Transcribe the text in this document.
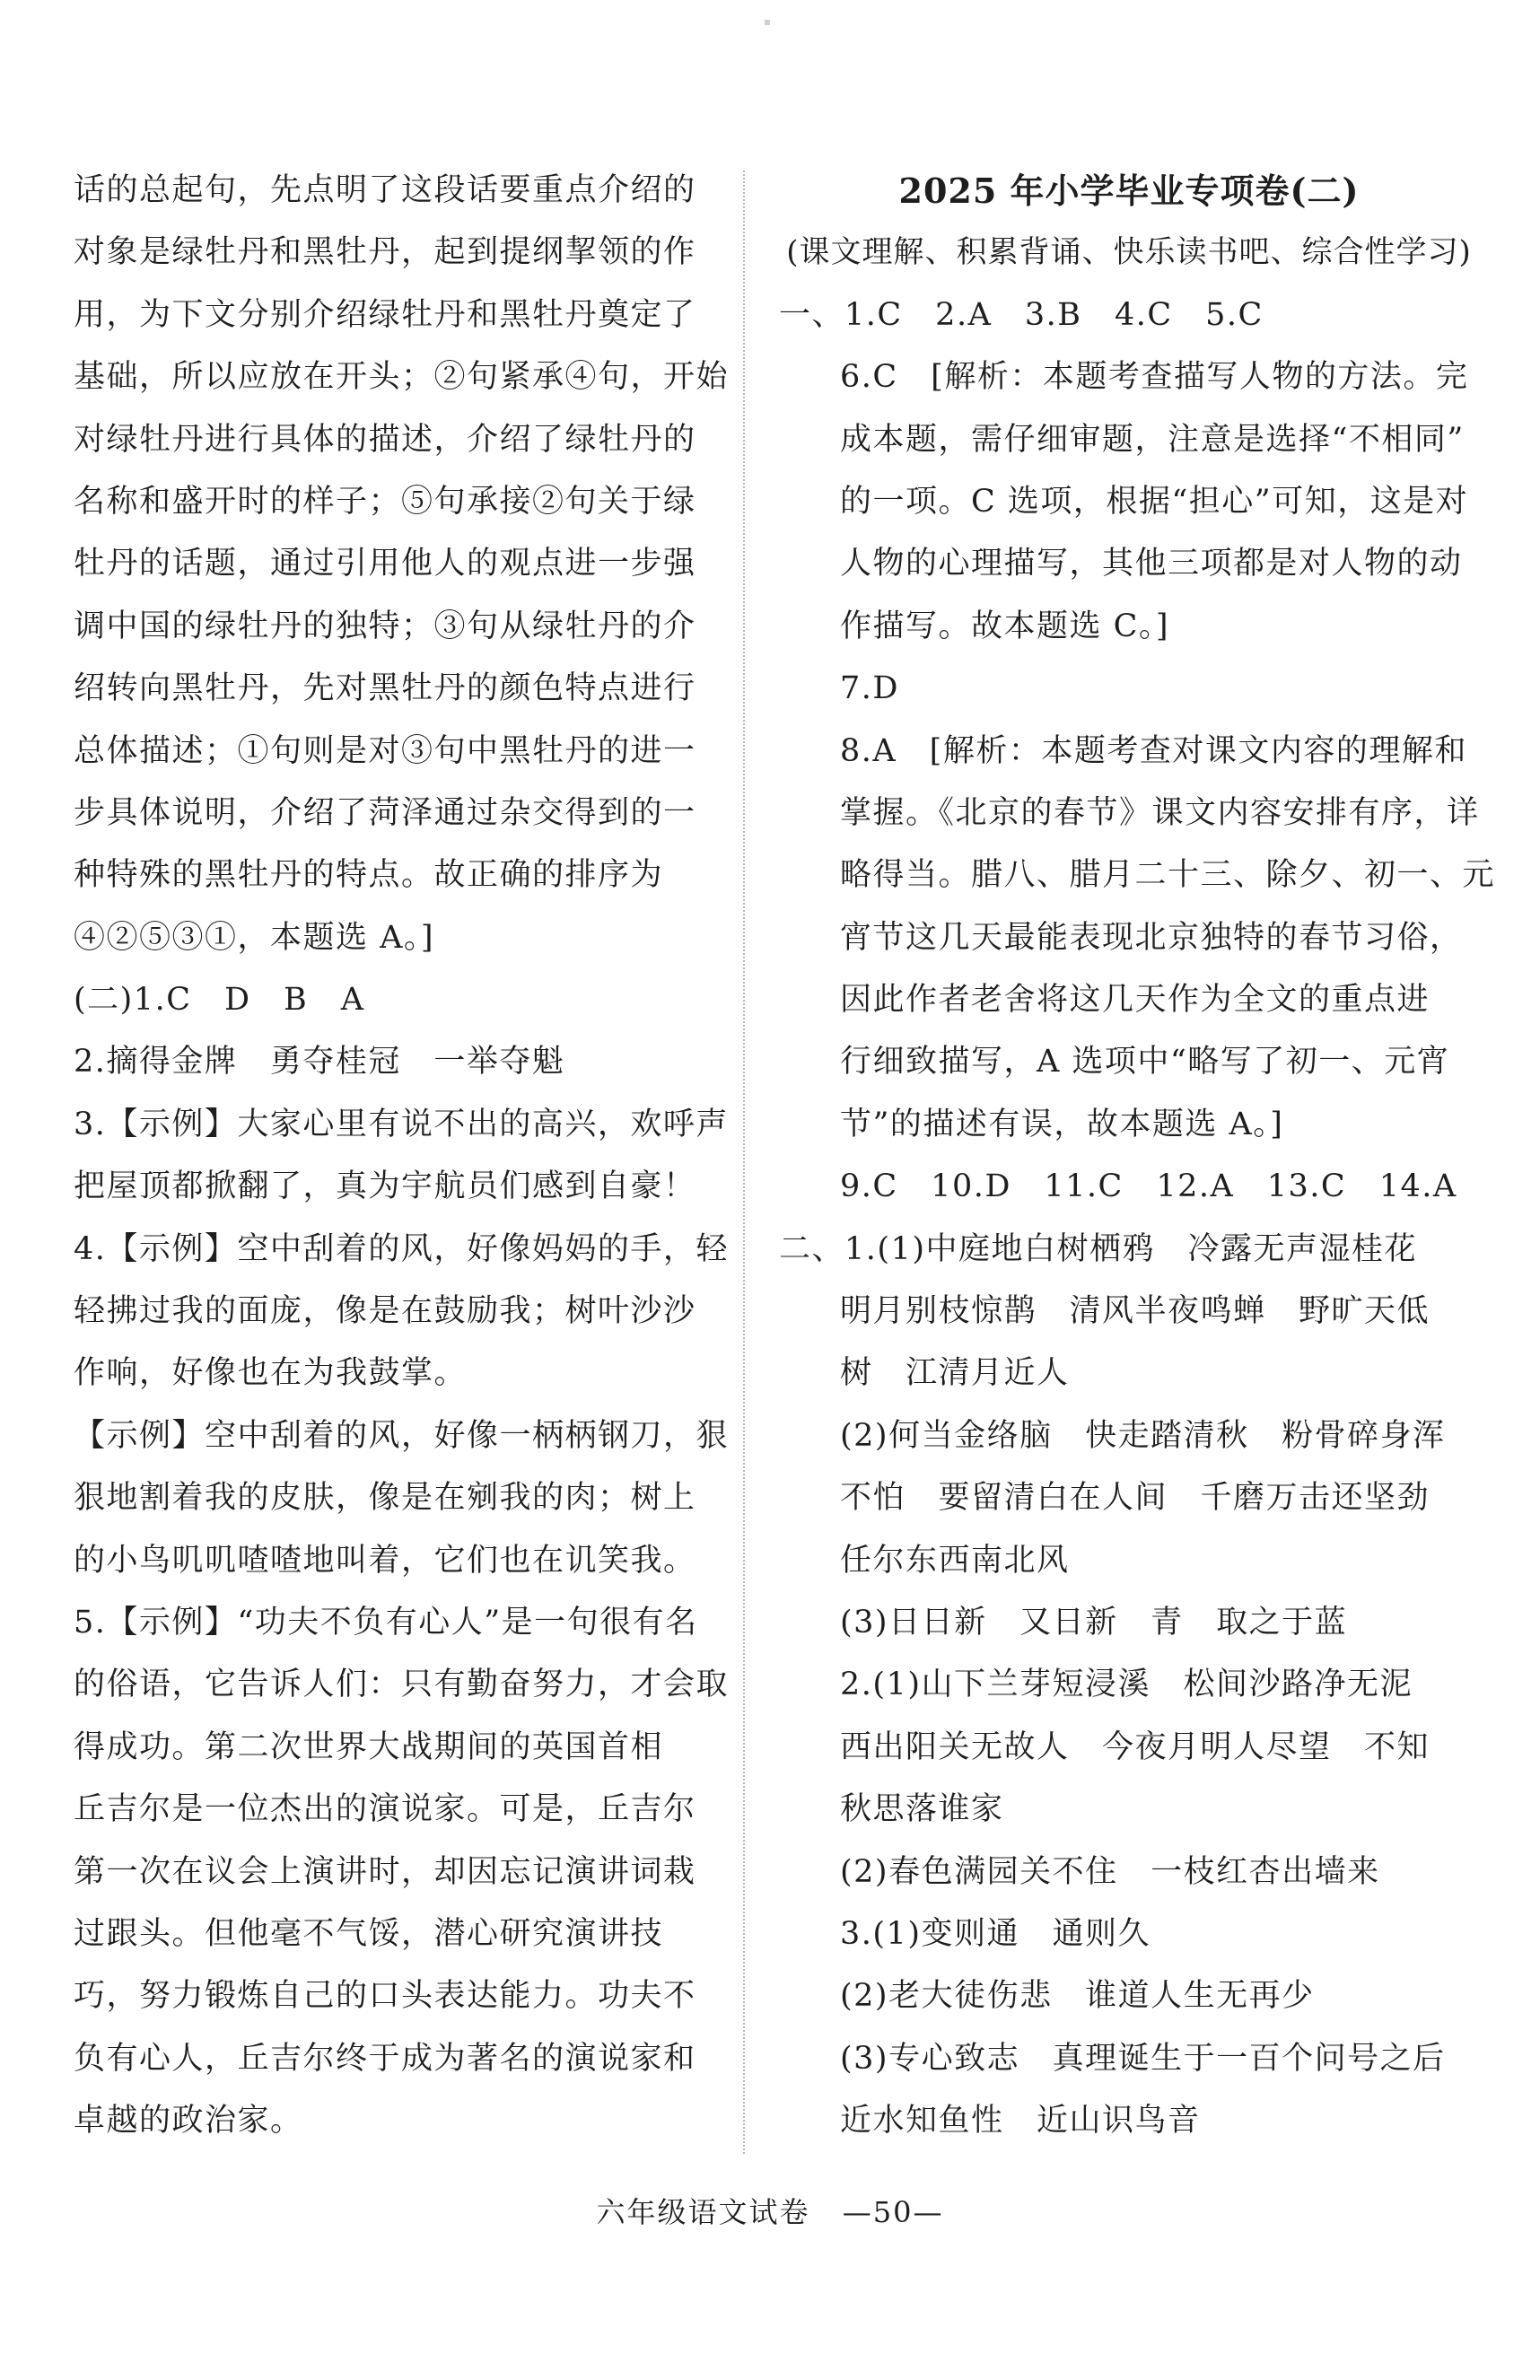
话的总起句，先点明了这段话要重点介绍的
对象是绿牡丹和黑牡丹，起到提纲挈领的作
用，为下文分别介绍绿牡丹和黑牡丹奠定了
基础，所以应放在开头；②句紧承④句，开始
对绿牡丹进行具体的描述，介绍了绿牡丹的
名称和盛开时的样子；⑤句承接②句关于绿
牡丹的话题，通过引用他人的观点进一步强
调中国的绿牡丹的独特；③句从绿牡丹的介
绍转向黑牡丹，先对黑牡丹的颜色特点进行
总体描述；①句则是对③句中黑牡丹的进一
步具体说明，介绍了菏泽通过杂交得到的一
种特殊的黑牡丹的特点。故正确的排序为
④②⑤③①，本题选 A。]
(二)1.C　D　B　A
2.摘得金牌　勇夺桂冠　一举夺魁
3.【示例】大家心里有说不出的高兴，欢呼声
把屋顶都掀翻了，真为宇航员们感到自豪！
4.【示例】空中刮着的风，好像妈妈的手，轻
轻拂过我的面庞，像是在鼓励我；树叶沙沙
作响，好像也在为我鼓掌。
【示例】空中刮着的风，好像一柄柄钢刀，狠
狠地割着我的皮肤，像是在剜我的肉；树上
的小鸟叽叽喳喳地叫着，它们也在讥笑我。
5.【示例】“功夫不负有心人”是一句很有名
的俗语，它告诉人们：只有勤奋努力，才会取
得成功。第二次世界大战期间的英国首相
丘吉尔是一位杰出的演说家。可是，丘吉尔
第一次在议会上演讲时，却因忘记演讲词栽
过跟头。但他毫不气馁，潜心研究演讲技
巧，努力锻炼自己的口头表达能力。功夫不
负有心人，丘吉尔终于成为著名的演说家和
卓越的政治家。
2025 年小学毕业专项卷(二)
(课文理解、积累背诵、快乐读书吧、综合性学习)
一、1.C　2.A　3.B　4.C　5.C
6.C　[解析：本题考查描写人物的方法。完
成本题，需仔细审题，注意是选择“不相同”
的一项。C 选项，根据“担心”可知，这是对
人物的心理描写，其他三项都是对人物的动
作描写。故本题选 C。]
7.D
8.A　[解析：本题考查对课文内容的理解和
掌握。《北京的春节》课文内容安排有序，详
略得当。腊八、腊月二十三、除夕、初一、元
宵节这几天最能表现北京独特的春节习俗，
因此作者老舍将这几天作为全文的重点进
行细致描写，A 选项中“略写了初一、元宵
节”的描述有误，故本题选 A。]
9.C　10.D　11.C　12.A　13.C　14.A
二、1.(1)中庭地白树栖鸦　冷露无声湿桂花
明月别枝惊鹊　清风半夜鸣蝉　野旷天低
树　江清月近人
(2)何当金络脑　快走踏清秋　粉骨碎身浑
不怕　要留清白在人间　千磨万击还坚劲
任尔东西南北风
(3)日日新　又日新　青　取之于蓝
2.(1)山下兰芽短浸溪　松间沙路净无泥
西出阳关无故人　今夜月明人尽望　不知
秋思落谁家
(2)春色满园关不住　一枝红杏出墙来
3.(1)变则通　通则久
(2)老大徒伤悲　谁道人生无再少
(3)专心致志　真理诞生于一百个问号之后
近水知鱼性　近山识鸟音
六年级语文试卷 —50—
